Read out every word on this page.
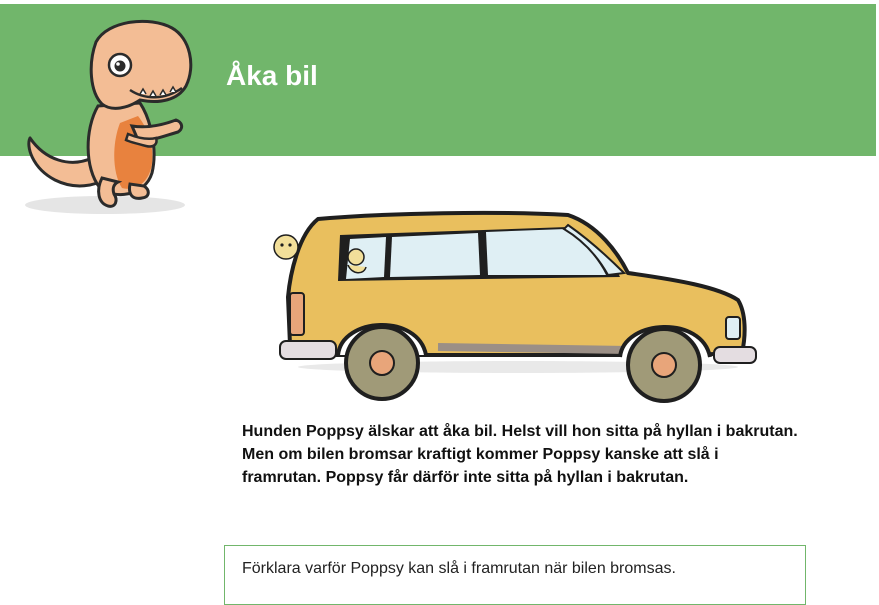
Åka bil
Hunden Poppsy älskar att åka bil. Helst vill hon sitta på hyllan i bakrutan. Men om bilen bromsar kraftigt kommer Poppsy kanske att slå i framrutan. Poppsy får därför inte sitta på hyllan i bakrutan.
Förklara varför Poppsy kan slå i framrutan när bilen bromsas.
